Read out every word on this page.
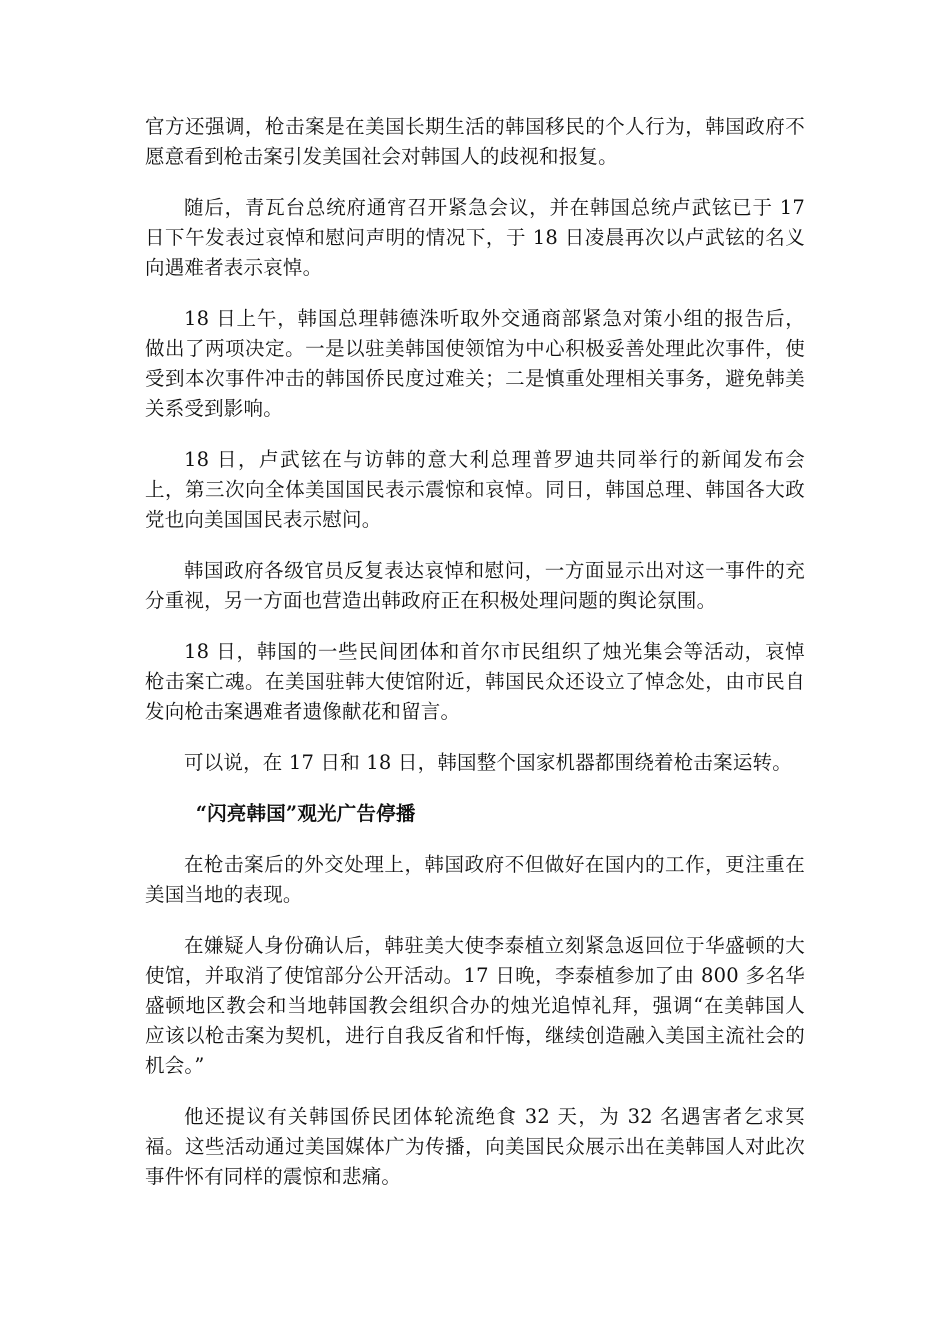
官方还强调，枪击案是在美国长期生活的韩国移民的个人行为，韩国政府不愿意看到枪击案引发美国社会对韩国人的歧视和报复。

随后，青瓦台总统府通宵召开紧急会议，并在韩国总统卢武铉已于 17 日下午发表过哀悼和慰问声明的情况下，于 18 日凌晨再次以卢武铉的名义向遇难者表示哀悼。

18 日上午，韩国总理韩德洙听取外交通商部紧急对策小组的报告后，做出了两项决定。一是以驻美韩国使领馆为中心积极妥善处理此次事件，使受到本次事件冲击的韩国侨民度过难关；二是慎重处理相关事务，避免韩美关系受到影响。

18 日，卢武铉在与访韩的意大利总理普罗迪共同举行的新闻发布会上，第三次向全体美国国民表示震惊和哀悼。同日，韩国总理、韩国各大政党也向美国国民表示慰问。

韩国政府各级官员反复表达哀悼和慰问，一方面显示出对这一事件的充分重视，另一方面也营造出韩政府正在积极处理问题的舆论氛围。

18 日，韩国的一些民间团体和首尔市民组织了烛光集会等活动，哀悼枪击案亡魂。在美国驻韩大使馆附近，韩国民众还设立了悼念处，由市民自发向枪击案遇难者遗像献花和留言。

可以说，在 17 日和 18 日，韩国整个国家机器都围绕着枪击案运转。

“闪亮韩国”观光广告停播

在枪击案后的外交处理上，韩国政府不但做好在国内的工作，更注重在美国当地的表现。

在嫌疑人身份确认后，韩驻美大使李泰植立刻紧急返回位于华盛顿的大使馆，并取消了使馆部分公开活动。17 日晚，李泰植参加了由 800 多名华盛顿地区教会和当地韩国教会组织合办的烛光追悼礼拜，强调“在美韩国人应该以枪击案为契机，进行自我反省和忏悔，继续创造融入美国主流社会的机会。”

他还提议有关韩国侨民团体轮流绝食 32 天，为 32 名遇害者乞求冥福。这些活动通过美国媒体广为传播，向美国民众展示出在美韩国人对此次事件怀有同样的震惊和悲痛。
